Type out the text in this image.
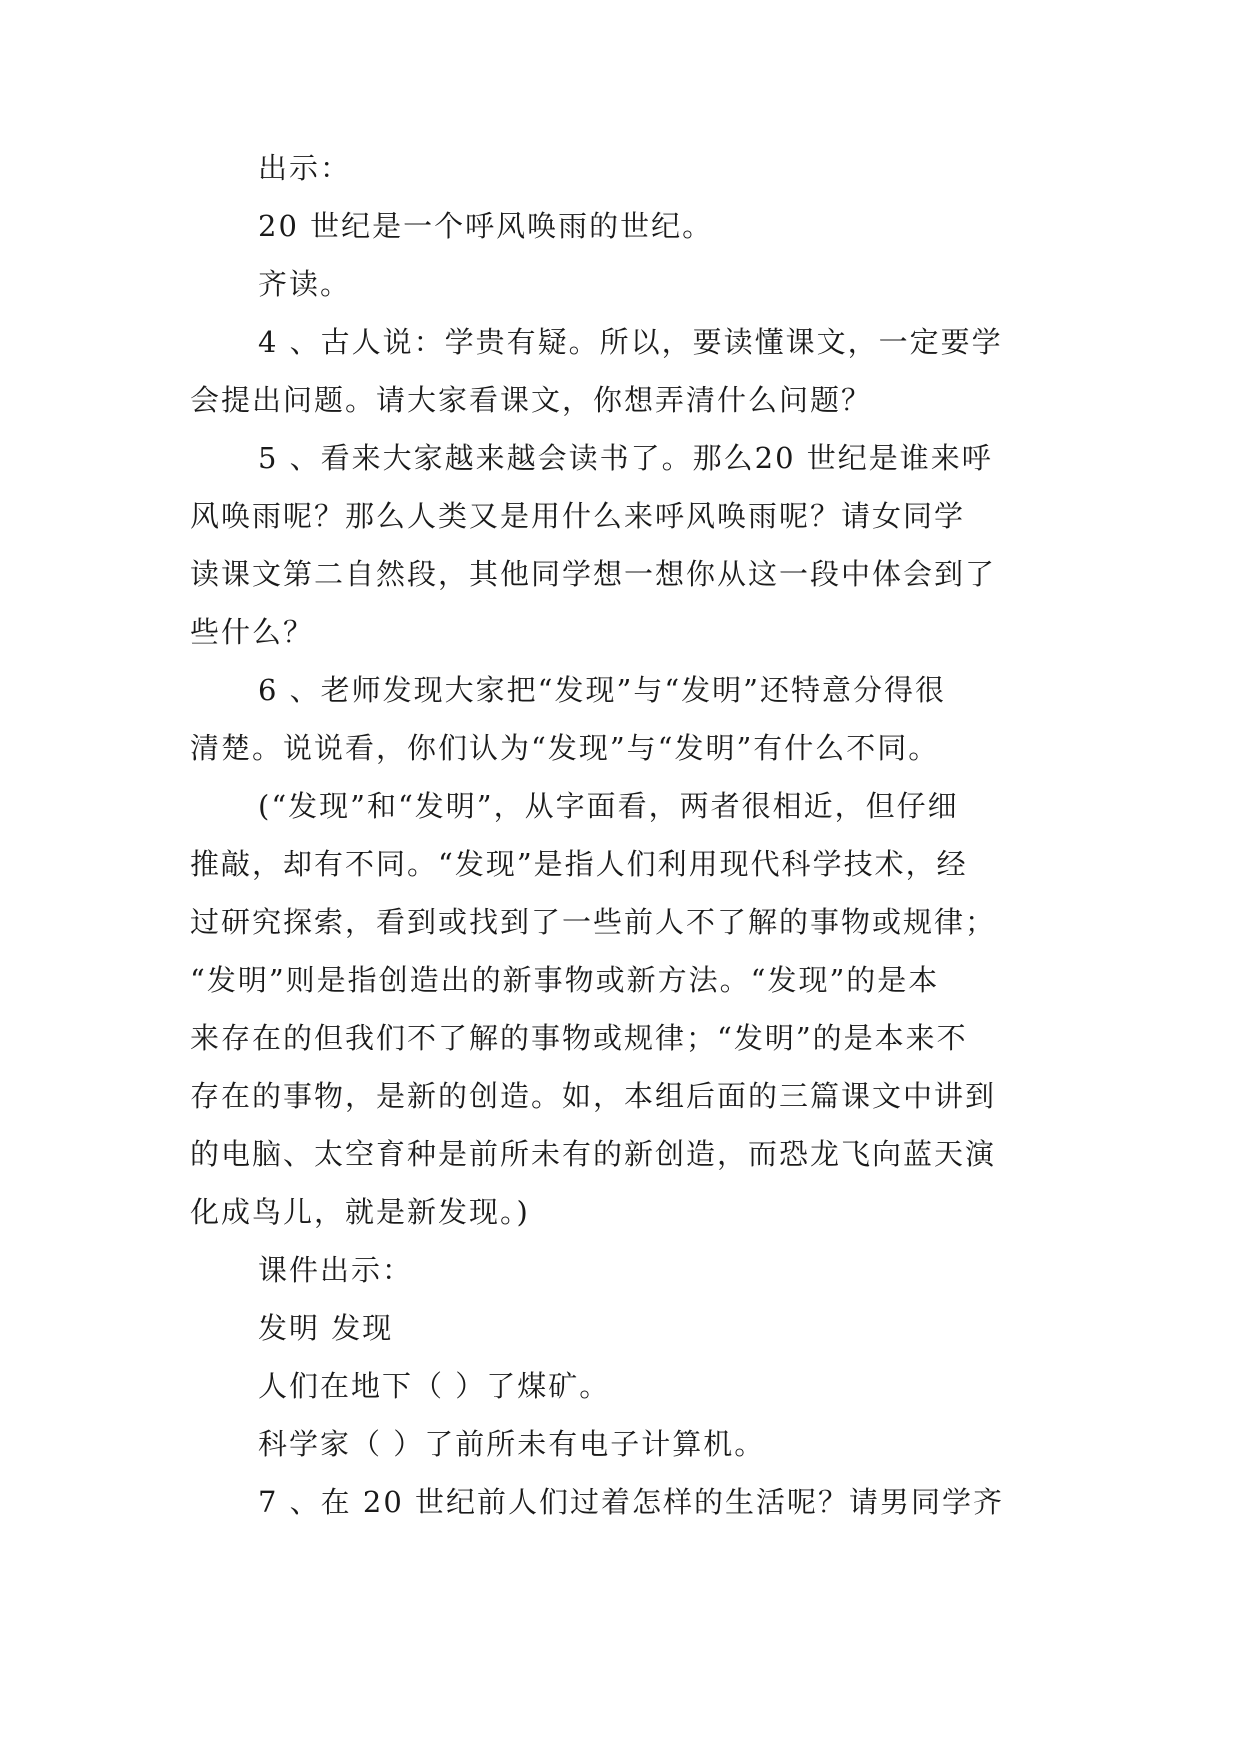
出示：
20 世纪是一个呼风唤雨的世纪。
齐读。
4 、古人说：学贵有疑。所以，要读懂课文，一定要学
会提出问题。请大家看课文，你想弄清什么问题？
5 、看来大家越来越会读书了。那么20 世纪是谁来呼
风唤雨呢？那么人类又是用什么来呼风唤雨呢？请女同学
读课文第二自然段，其他同学想一想你从这一段中体会到了
些什么？
6 、老师发现大家把“发现”与“发明”还特意分得很
清楚。说说看，你们认为“发现”与“发明”有什么不同。
(“发现”和“发明”，从字面看，两者很相近，但仔细
推敲，却有不同。“发现”是指人们利用现代科学技术，经
过研究探索，看到或找到了一些前人不了解的事物或规律；
“发明”则是指创造出的新事物或新方法。“发现”的是本
来存在的但我们不了解的事物或规律；“发明”的是本来不
存在的事物，是新的创造。如，本组后面的三篇课文中讲到
的电脑、太空育种是前所未有的新创造，而恐龙飞向蓝天演
化成鸟儿，就是新发现。)
课件出示：
发明 发现
人们在地下（ ）了煤矿。
科学家（ ）了前所未有电子计算机。
7 、在 20 世纪前人们过着怎样的生活呢？请男同学齐
